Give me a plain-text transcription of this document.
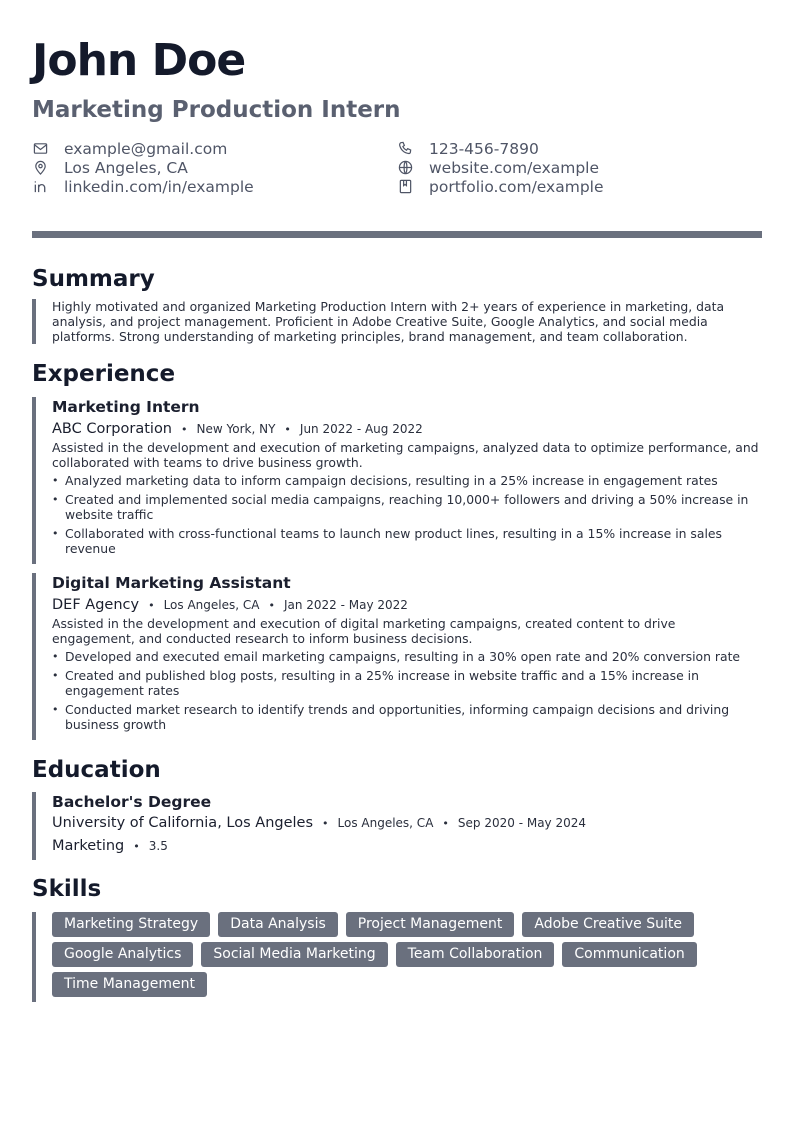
John Doe
Marketing Production Intern
example@gmail.com	123-456-7890
Los Angeles, CA	website.com/example
linkedin.com/in/example	portfolio.com/example
Summary
Highly motivated and organized Marketing Production Intern with 2+ years of experience in marketing, data analysis, and project management. Proficient in Adobe Creative Suite, Google Analytics, and social media platforms. Strong understanding of marketing principles, brand management, and team collaboration.
Experience
Marketing Intern
ABC Corporation • New York, NY • Jun 2022 - Aug 2022
Assisted in the development and execution of marketing campaigns, analyzed data to optimize performance, and collaborated with teams to drive business growth.
• Analyzed marketing data to inform campaign decisions, resulting in a 25% increase in engagement rates
• Created and implemented social media campaigns, reaching 10,000+ followers and driving a 50% increase in website traffic
• Collaborated with cross-functional teams to launch new product lines, resulting in a 15% increase in sales revenue
Digital Marketing Assistant
DEF Agency • Los Angeles, CA • Jan 2022 - May 2022
Assisted in the development and execution of digital marketing campaigns, created content to drive engagement, and conducted research to inform business decisions.
• Developed and executed email marketing campaigns, resulting in a 30% open rate and 20% conversion rate
• Created and published blog posts, resulting in a 25% increase in website traffic and a 15% increase in engagement rates
• Conducted market research to identify trends and opportunities, informing campaign decisions and driving business growth
Education
Bachelor's Degree
University of California, Los Angeles • Los Angeles, CA • Sep 2020 - May 2024
Marketing • 3.5
Skills
Marketing Strategy	Data Analysis	Project Management	Adobe Creative Suite
Google Analytics	Social Media Marketing	Team Collaboration	Communication
Time Management
